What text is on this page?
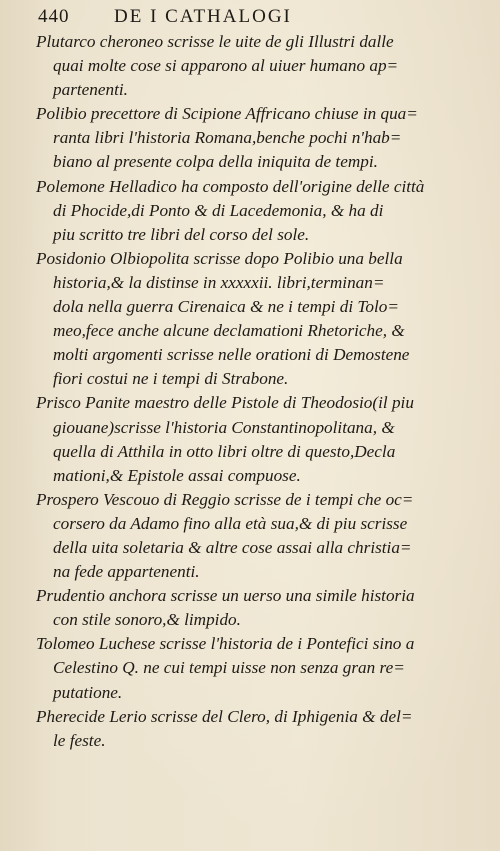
440 DE I CATHALOGI
Plutarco cheroneo scrisse le uite de gli Illustri dalle
quai molte cose si apparono al uiuer humano ap=
partenenti.
Polibio precettore di Scipione Affricano chiuse in qua=
ranta libri l'historia Romana,benche pochi n'hab=
biano al presente colpa della iniquita de tempi.
Polemone Helladico ha composto dell'origine delle città
di Phocide,di Ponto & di Lacedemonia, & ha di
piu scritto tre libri del corso del sole.
Posidonio Olbiopolita scrisse dopo Polibio una bella
historia,& la distinse in xxxxxii. libri,terminan=
dola nella guerra Cirenaica & ne i tempi di Tolo=
meo,fece anche alcune declamationi Rhetoriche, &
molti argomenti scrisse nelle orationi di Demostene
fiori costui ne i tempi di Strabone.
Prisco Panite maestro delle Pistole di Theodosio(il piu
giouane)scrisse l'historia Constantinopolitana, &
quella di Atthila in otto libri oltre di questo,Decla
mationi,& Epistole assai compuose.
Prospero Vescouo di Reggio scrisse de i tempi che oc=
corsero da Adamo fino alla età sua,& di piu scrisse
della uita soletaria & altre cose assai alla christia=
na fede appartenenti.
Prudentio anchora scrisse un uerso una simile historia
con stile sonoro,& limpido.
Tolomeo Luchese scrisse l'historia de i Pontefici sino a
Celestino Q. ne cui tempi uisse non senza gran re=
putatione.
Pherecide Lerio scrisse del Clero, di Iphigenia & del=
le feste.
